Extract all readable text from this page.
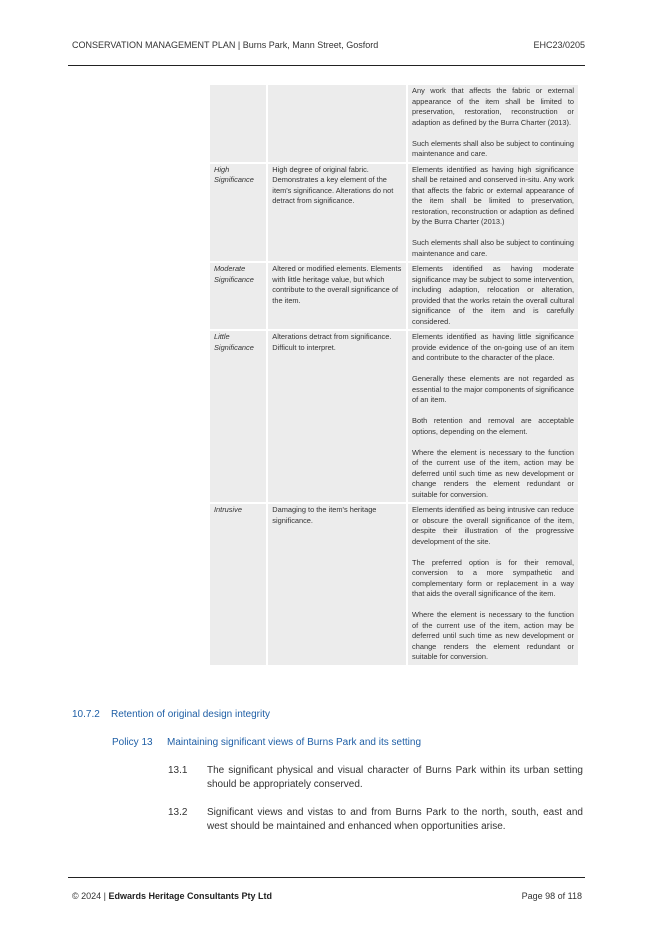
CONSERVATION MANAGEMENT PLAN | Burns Park, Mann Street, Gosford	EHC23/0205

		Any work that affects the fabric or external appearance of the item shall be limited to preservation, restoration, reconstruction or adaption as defined by the Burra Charter (2013).
Such elements shall also be subject to continuing maintenance and care.

High Significance	High degree of original fabric. Demonstrates a key element of the item's significance. Alterations do not detract from significance.	Elements identified as having high significance shall be retained and conserved in-situ. Any work that affects the fabric or external appearance of the item shall be limited to preservation, restoration, reconstruction or adaption as defined by the Burra Charter (2013.)
Such elements shall also be subject to continuing maintenance and care.

Moderate Significance	Altered or modified elements. Elements with little heritage value, but which contribute to the overall significance of the item.	Elements identified as having moderate significance may be subject to some intervention, including adaption, relocation or alteration, provided that the works retain the overall cultural significance of the item and is carefully considered.

Little Significance	Alterations detract from significance. Difficult to interpret.	Elements identified as having little significance provide evidence of the on-going use of an item and contribute to the character of the place.
Generally these elements are not regarded as essential to the major components of significance of an item.
Both retention and removal are acceptable options, depending on the element.
Where the element is necessary to the function of the current use of the item, action may be deferred until such time as new development or change renders the element redundant or suitable for conversion.

Intrusive	Damaging to the item's heritage significance.	Elements identified as being intrusive can reduce or obscure the overall significance of the item, despite their illustration of the progressive development of the site.
The preferred option is for their removal, conversion to a more sympathetic and complementary form or replacement in a way that aids the overall significance of the item.
Where the element is necessary to the function of the current use of the item, action may be deferred until such time as new development or change renders the element redundant or suitable for conversion.
10.7.2 Retention of original design integrity
Policy 13 Maintaining significant views of Burns Park and its setting
13.1	The significant physical and visual character of Burns Park within its urban setting should be appropriately conserved.
13.2	Significant views and vistas to and from Burns Park to the north, south, east and west should be maintained and enhanced when opportunities arise.
© 2024 | Edwards Heritage Consultants Pty Ltd	Page 98 of 118
